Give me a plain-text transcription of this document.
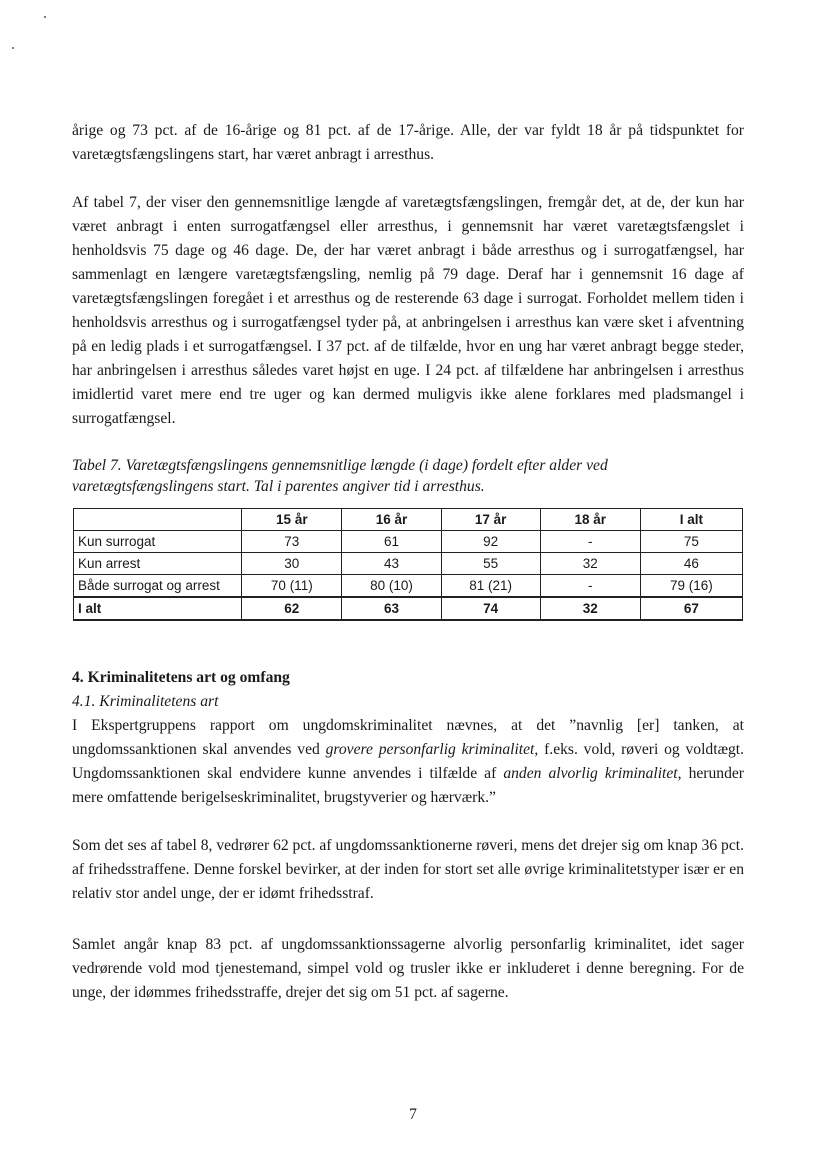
årige og 73 pct. af de 16-årige og 81 pct. af de 17-årige. Alle, der var fyldt 18 år på tidspunktet for varetægtsfængslingens start, har været anbragt i arresthus.

Af tabel 7, der viser den gennemsnitlige længde af varetægtsfængslingen, fremgår det, at de, der kun har været anbragt i enten surrogatfængsel eller arresthus, i gennemsnit har været varetægtsfængslet i henholdsvis 75 dage og 46 dage. De, der har været anbragt i både arresthus og i surrogatfængsel, har sammenlagt en længere varetægtsfængsling, nemlig på 79 dage. Deraf har i gennemsnit 16 dage af varetægtsfængslingen foregået i et arresthus og de resterende 63 dage i surrogat. Forholdet mellem tiden i henholdsvis arresthus og i surrogatfængsel tyder på, at anbringelsen i arresthus kan være sket i afventning på en ledig plads i et surrogatfængsel. I 37 pct. af de tilfælde, hvor en ung har været anbragt begge steder, har anbringelsen i arresthus således varet højst en uge. I 24 pct. af tilfældene har anbringelsen i arresthus imidlertid varet mere end tre uger og kan dermed muligvis ikke alene forklares med pladsmangel i surrogatfængsel.

Tabel 7. Varetægtsfængslingens gennemsnitlige længde (i dage) fordelt efter alder ved varetægtsfængslingens start. Tal i parentes angiver tid i arresthus.

	15 år	16 år	17 år	18 år	I alt
Kun surrogat	73	61	92	-	75
Kun arrest	30	43	55	32	46
Både surrogat og arrest	70 (11)	80 (10)	81 (21)	-	79 (16)
I alt	62	63	74	32	67

4. Kriminalitetens art og omfang

4.1. Kriminalitetens art

I Ekspertgruppens rapport om ungdomskriminalitet nævnes, at det ”navnlig [er] tanken, at ungdomssanktionen skal anvendes ved grovere personfarlig kriminalitet, f.eks. vold, røveri og voldtægt. Ungdomssanktionen skal endvidere kunne anvendes i tilfælde af anden alvorlig kriminalitet, herunder mere omfattende berigelseskriminalitet, brugstyverier og hærværk.”

Som det ses af tabel 8, vedrører 62 pct. af ungdomssanktionerne røveri, mens det drejer sig om knap 36 pct. af frihedsstraffene. Denne forskel bevirker, at der inden for stort set alle øvrige kriminalitetstyper især er en relativ stor andel unge, der er idømt frihedsstraf.

Samlet angår knap 83 pct. af ungdomssanktionssagerne alvorlig personfarlig kriminalitet, idet sager vedrørende vold mod tjenestemand, simpel vold og trusler ikke er inkluderet i denne beregning. For de unge, der idømmes frihedsstraffe, drejer det sig om 51 pct. af sagerne.

7
